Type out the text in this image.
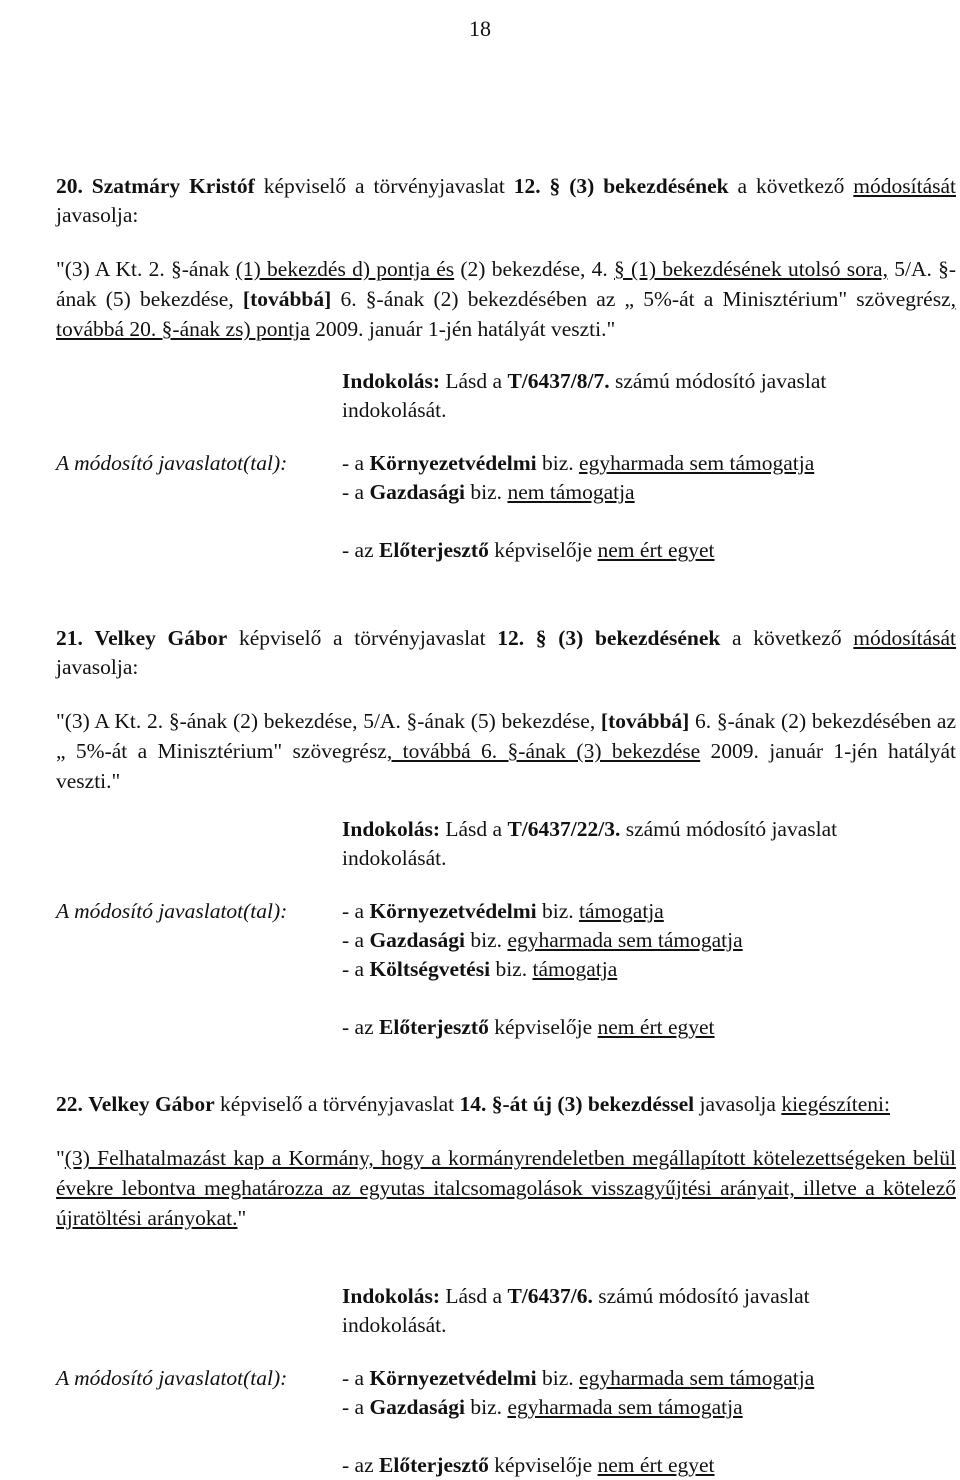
18
20. Szatmáry Kristóf képviselő a törvényjavaslat 12. § (3) bekezdésének a következő módosítását javasolja:
"(3) A Kt. 2. §-ának (1) bekezdés d) pontja és (2) bekezdése, 4. § (1) bekezdésének utolsó sora, 5/A. §-ának (5) bekezdése, [továbbá] 6. §-ának (2) bekezdésében az „ 5%-át a Minisztérium" szövegrész, továbbá 20. §-ának zs) pontja 2009. január 1-jén hatályát veszti."
Indokolás: Lásd a T/6437/8/7. számú módosító javaslat indokolását.
A módosító javaslatot(tal):	- a Környezetvédelmi biz. egyharmada sem támogatja
- a Gazdasági biz. nem támogatja
- az Előterjesztő képviselője nem ért egyet
21. Velkey Gábor képviselő a törvényjavaslat 12. § (3) bekezdésének a következő módosítását javasolja:
"(3) A Kt. 2. §-ának (2) bekezdése, 5/A. §-ának (5) bekezdése, [továbbá] 6. §-ának (2) bekezdésében az „ 5%-át a Minisztérium" szövegrész, továbbá 6. §-ának (3) bekezdése 2009. január 1-jén hatályát veszti."
Indokolás: Lásd a T/6437/22/3. számú módosító javaslat indokolását.
A módosító javaslatot(tal):	- a Környezetvédelmi biz. támogatja
- a Gazdasági biz. egyharmada sem támogatja
- a Költségvetési biz. támogatja
- az Előterjesztő képviselője nem ért egyet
22. Velkey Gábor képviselő a törvényjavaslat 14. §-át új (3) bekezdéssel javasolja kiegészíteni:
"(3) Felhatalmazást kap a Kormány, hogy a kormányrendeletben megállapított kötelezettségeken belül évekre lebontva meghatározza az egyutas italcsomagolások visszagyűjtési arányait, illetve a kötelező újratöltési arányokat."
Indokolás: Lásd a T/6437/6. számú módosító javaslat indokolását.
A módosító javaslatot(tal):	- a Környezetvédelmi biz. egyharmada sem támogatja
- a Gazdasági biz. egyharmada sem támogatja
- az Előterjesztő képviselője nem ért egyet
